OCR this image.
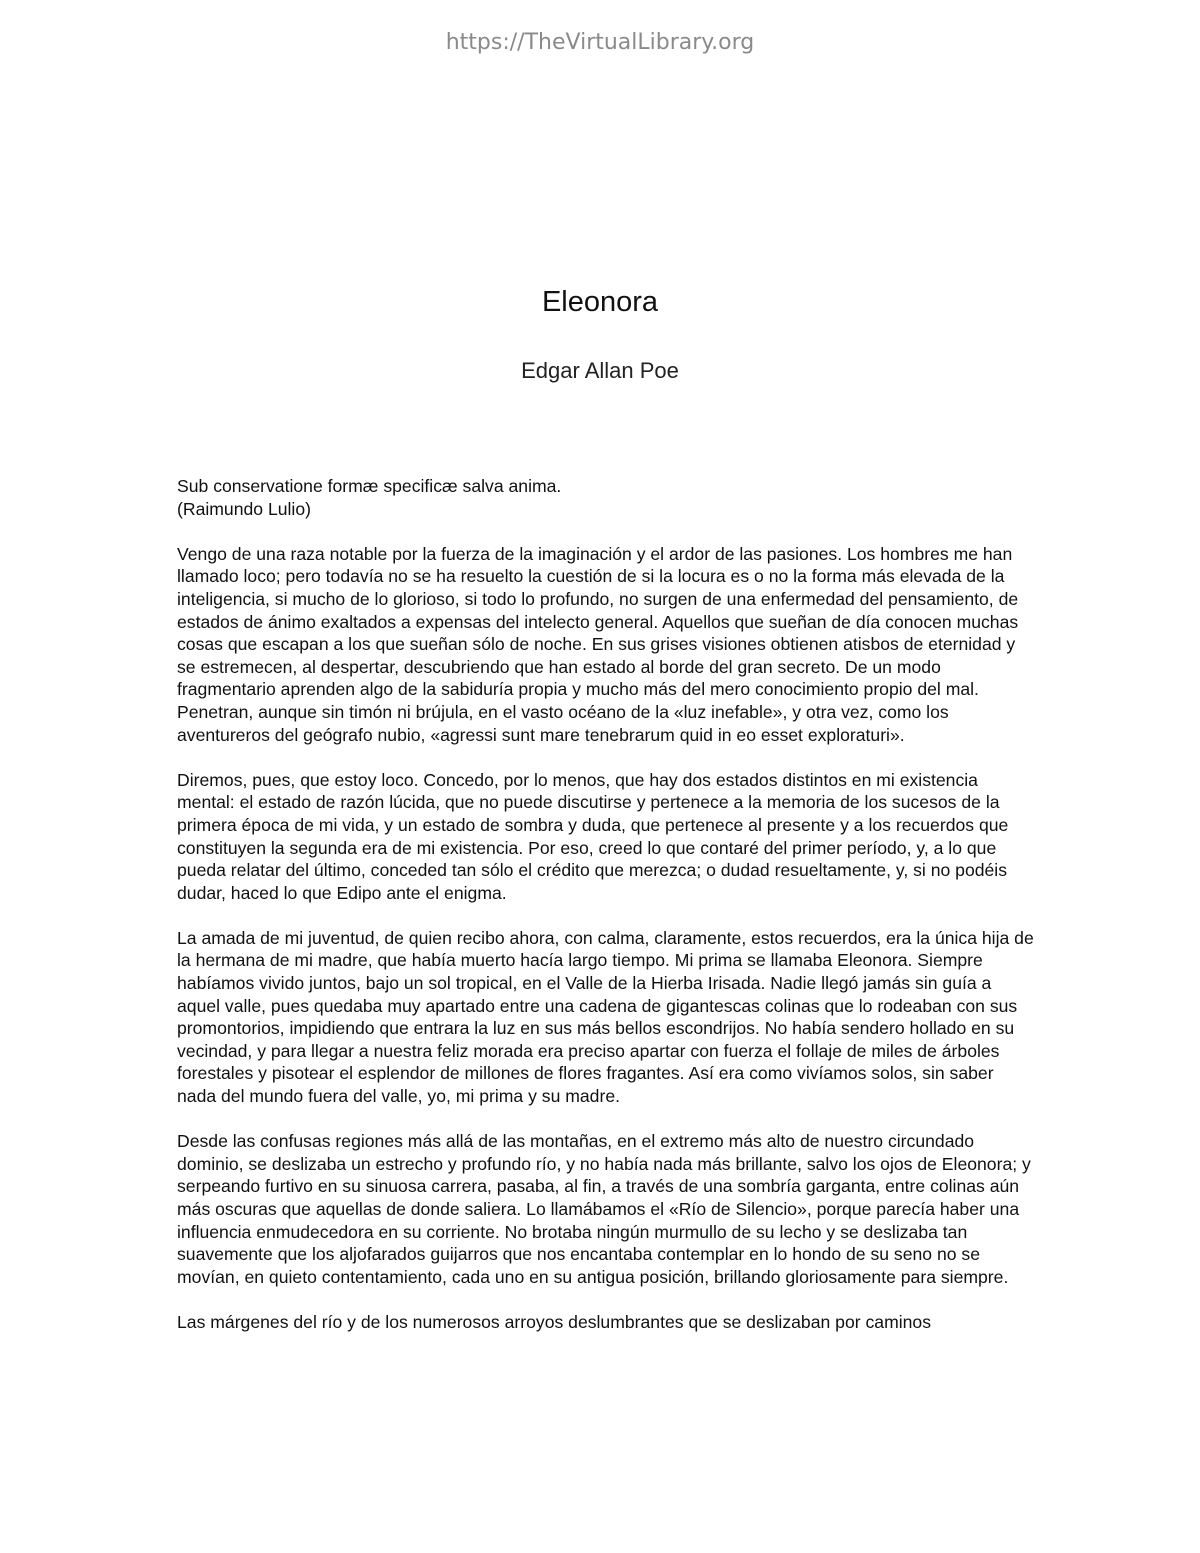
https://TheVirtualLibrary.org
Eleonora
Edgar Allan Poe
Sub conservatione formæ specificæ salva anima.
(Raimundo Lulio)

Vengo de una raza notable por la fuerza de la imaginación y el ardor de las pasiones. Los hombres me han llamado loco; pero todavía no se ha resuelto la cuestión de si la locura es o no la forma más elevada de la inteligencia, si mucho de lo glorioso, si todo lo profundo, no surgen de una enfermedad del pensamiento, de estados de ánimo exaltados a expensas del intelecto general. Aquellos que sueñan de día conocen muchas cosas que escapan a los que sueñan sólo de noche. En sus grises visiones obtienen atisbos de eternidad y se estremecen, al despertar, descubriendo que han estado al borde del gran secreto. De un modo fragmentario aprenden algo de la sabiduría propia y mucho más del mero conocimiento propio del mal. Penetran, aunque sin timón ni brújula, en el vasto océano de la «luz inefable», y otra vez, como los aventureros del geógrafo nubio, «agressi sunt mare tenebrarum quid in eo esset exploraturi».

Diremos, pues, que estoy loco. Concedo, por lo menos, que hay dos estados distintos en mi existencia mental: el estado de razón lúcida, que no puede discutirse y pertenece a la memoria de los sucesos de la primera época de mi vida, y un estado de sombra y duda, que pertenece al presente y a los recuerdos que constituyen la segunda era de mi existencia. Por eso, creed lo que contaré del primer período, y, a lo que pueda relatar del último, conceded tan sólo el crédito que merezca; o dudad resueltamente, y, si no podéis dudar, haced lo que Edipo ante el enigma.

La amada de mi juventud, de quien recibo ahora, con calma, claramente, estos recuerdos, era la única hija de la hermana de mi madre, que había muerto hacía largo tiempo. Mi prima se llamaba Eleonora. Siempre habíamos vivido juntos, bajo un sol tropical, en el Valle de la Hierba Irisada. Nadie llegó jamás sin guía a aquel valle, pues quedaba muy apartado entre una cadena de gigantescas colinas que lo rodeaban con sus promontorios, impidiendo que entrara la luz en sus más bellos escondrijos. No había sendero hollado en su vecindad, y para llegar a nuestra feliz morada era preciso apartar con fuerza el follaje de miles de árboles forestales y pisotear el esplendor de millones de flores fragantes. Así era como vivíamos solos, sin saber nada del mundo fuera del valle, yo, mi prima y su madre.

Desde las confusas regiones más allá de las montañas, en el extremo más alto de nuestro circundado dominio, se deslizaba un estrecho y profundo río, y no había nada más brillante, salvo los ojos de Eleonora; y serpeando furtivo en su sinuosa carrera, pasaba, al fin, a través de una sombría garganta, entre colinas aún más oscuras que aquellas de donde saliera. Lo llamábamos el «Río de Silencio», porque parecía haber una influencia enmudecedora en su corriente. No brotaba ningún murmullo de su lecho y se deslizaba tan suavemente que los aljofarados guijarros que nos encantaba contemplar en lo hondo de su seno no se movían, en quieto contentamiento, cada uno en su antigua posición, brillando gloriosamente para siempre.

Las márgenes del río y de los numerosos arroyos deslumbrantes que se deslizaban por caminos
